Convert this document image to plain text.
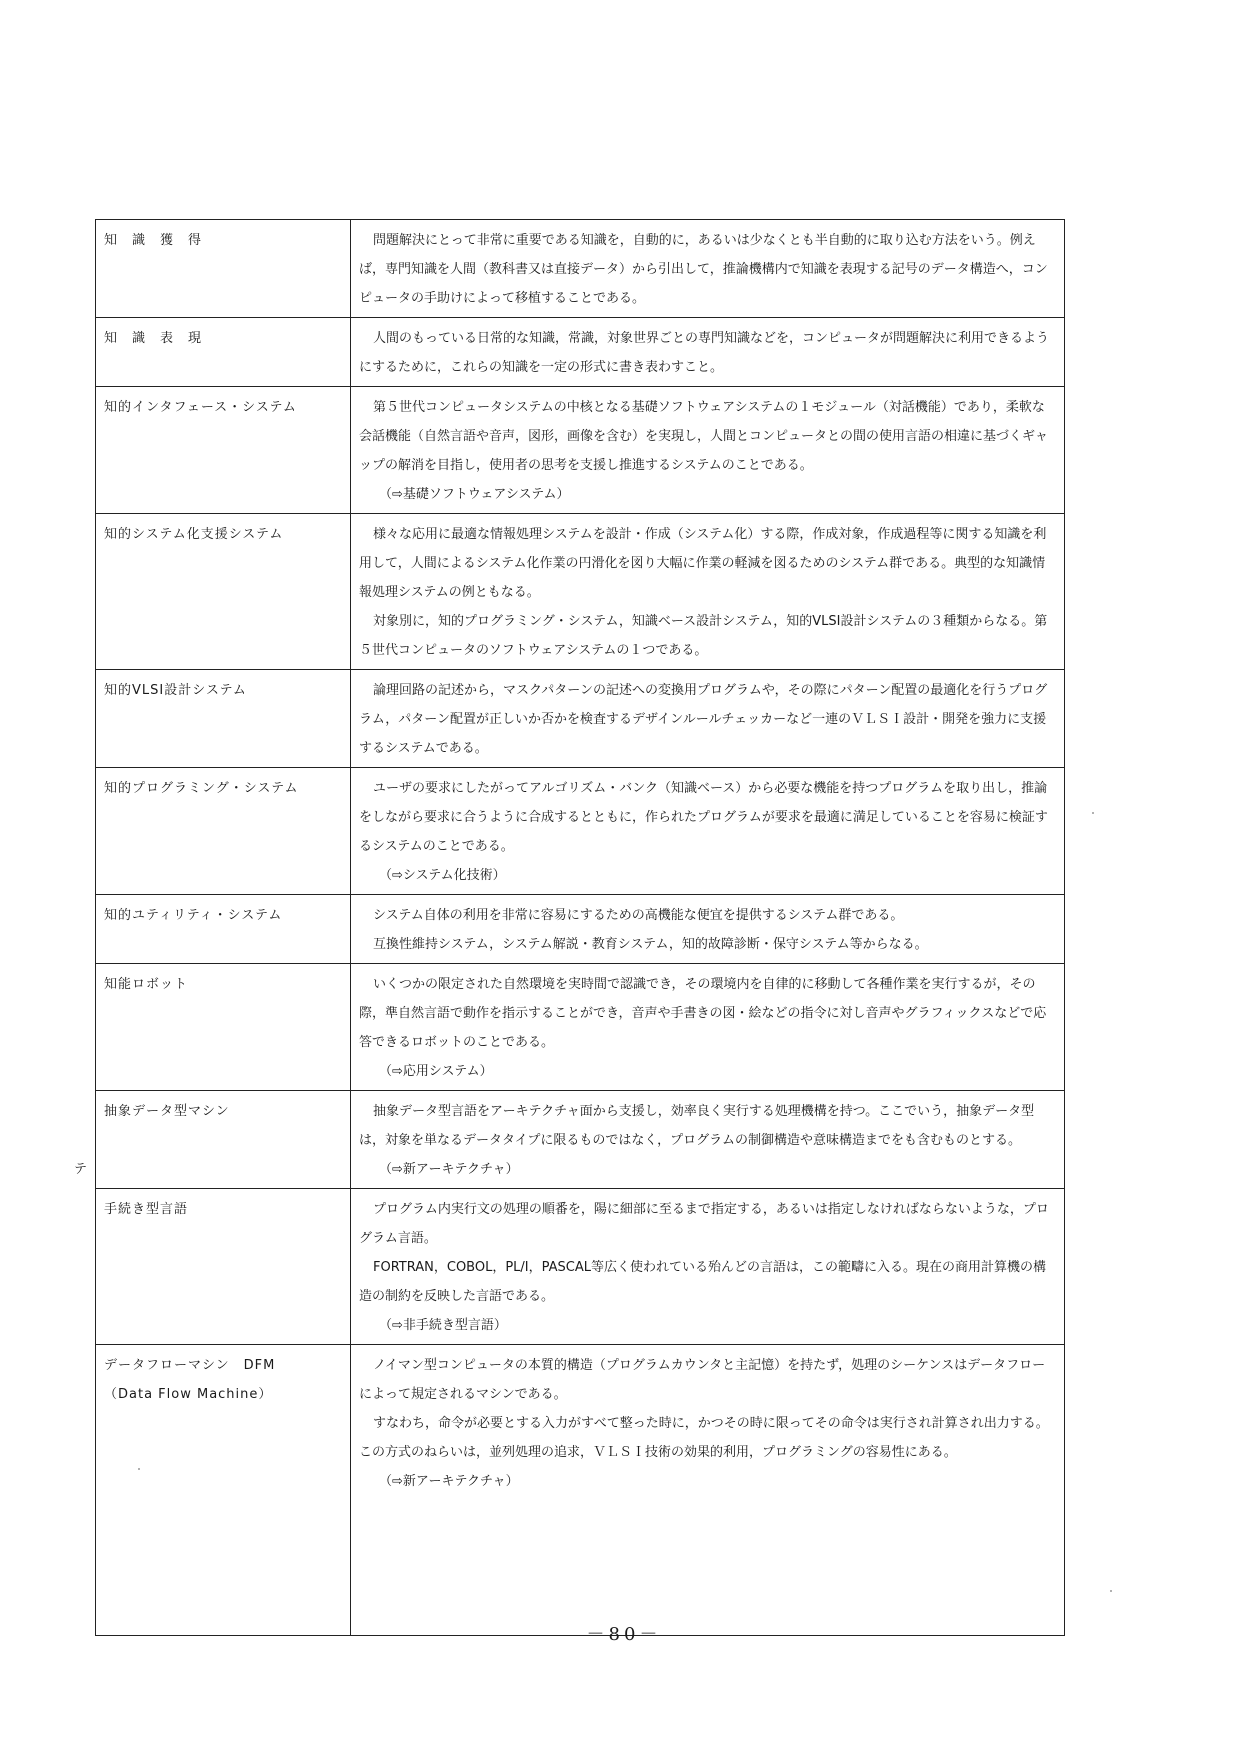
知　識　獲　得	問題解決にとって非常に重要である知識を，自動的に，あるいは少なくとも半自動的に取り込む方法をいう。例えば，専門知識を人間（教科書又は直接データ）から引出して，推論機構内で知識を表現する記号のデータ構造へ，コンピュータの手助けによって移植することである。

知　識　表　現	人間のもっている日常的な知識，常識，対象世界ごとの専門知識などを，コンピュータが問題解決に利用できるようにするために，これらの知識を一定の形式に書き表わすこと。

知的インタフェース・システム	第５世代コンピュータシステムの中核となる基礎ソフトウェアシステムの１モジュール（対話機能）であり，柔軟な会話機能（自然言語や音声，図形，画像を含む）を実現し，人間とコンピュータとの間の使用言語の相違に基づくギャップの解消を目指し，使用者の思考を支援し推進するシステムのことである。
（⇨基礎ソフトウェアシステム）

知的システム化支援システム	様々な応用に最適な情報処理システムを設計・作成（システム化）する際，作成対象，作成過程等に関する知識を利用して，人間によるシステム化作業の円滑化を図り大幅に作業の軽減を図るためのシステム群である。典型的な知識情報処理システムの例ともなる。
対象別に，知的プログラミング・システム，知識ベース設計システム，知的VLSI設計システムの３種類からなる。第５世代コンピュータのソフトウェアシステムの１つである。

知的VLSI設計システム	論理回路の記述から，マスクパターンの記述への変換用プログラムや，その際にパターン配置の最適化を行うプログラム，パターン配置が正しいか否かを検査するデザインルールチェッカーなど一連のＶＬＳＩ設計・開発を強力に支援するシステムである。

知的プログラミング・システム	ユーザの要求にしたがってアルゴリズム・バンク（知識ベース）から必要な機能を持つプログラムを取り出し，推論をしながら要求に合うように合成するとともに，作られたプログラムが要求を最適に満足していることを容易に検証するシステムのことである。
（⇨システム化技術）

知的ユティリティ・システム	システム自体の利用を非常に容易にするための高機能な便宜を提供するシステム群である。
互換性維持システム，システム解説・教育システム，知的故障診断・保守システム等からなる。

知能ロボット	いくつかの限定された自然環境を実時間で認識でき，その環境内を自律的に移動して各種作業を実行するが，その際，準自然言語で動作を指示することができ，音声や手書きの図・絵などの指令に対し音声やグラフィックスなどで応答できるロボットのことである。
（⇨応用システム）

抽象データ型マシン	抽象データ型言語をアーキテクチャ面から支援し，効率良く実行する処理機構を持つ。ここでいう，抽象データ型は，対象を単なるデータタイプに限るものではなく，プログラムの制御構造や意味構造までをも含むものとする。
（⇨新アーキテクチャ）

手続き型言語	プログラム内実行文の処理の順番を，陽に細部に至るまで指定する，あるいは指定しなければならないような，プログラム言語。
FORTRAN，COBOL，PL/I，PASCAL等広く使われている殆んどの言語は，この範疇に入る。現在の商用計算機の構造の制約を反映した言語である。
（⇨非手続き型言語）

データフローマシン　DFM
（Data Flow Machine）	ノイマン型コンピュータの本質的構造（プログラムカウンタと主記憶）を持たず，処理のシーケンスはデータフローによって規定されるマシンである。
すなわち，命令が必要とする入力がすべて整った時に，かつその時に限ってその命令は実行され計算され出力する。この方式のねらいは，並列処理の追求，ＶＬＳＩ技術の効果的利用，プログラミングの容易性にある。
（⇨新アーキテクチャ）
テ
－80－
